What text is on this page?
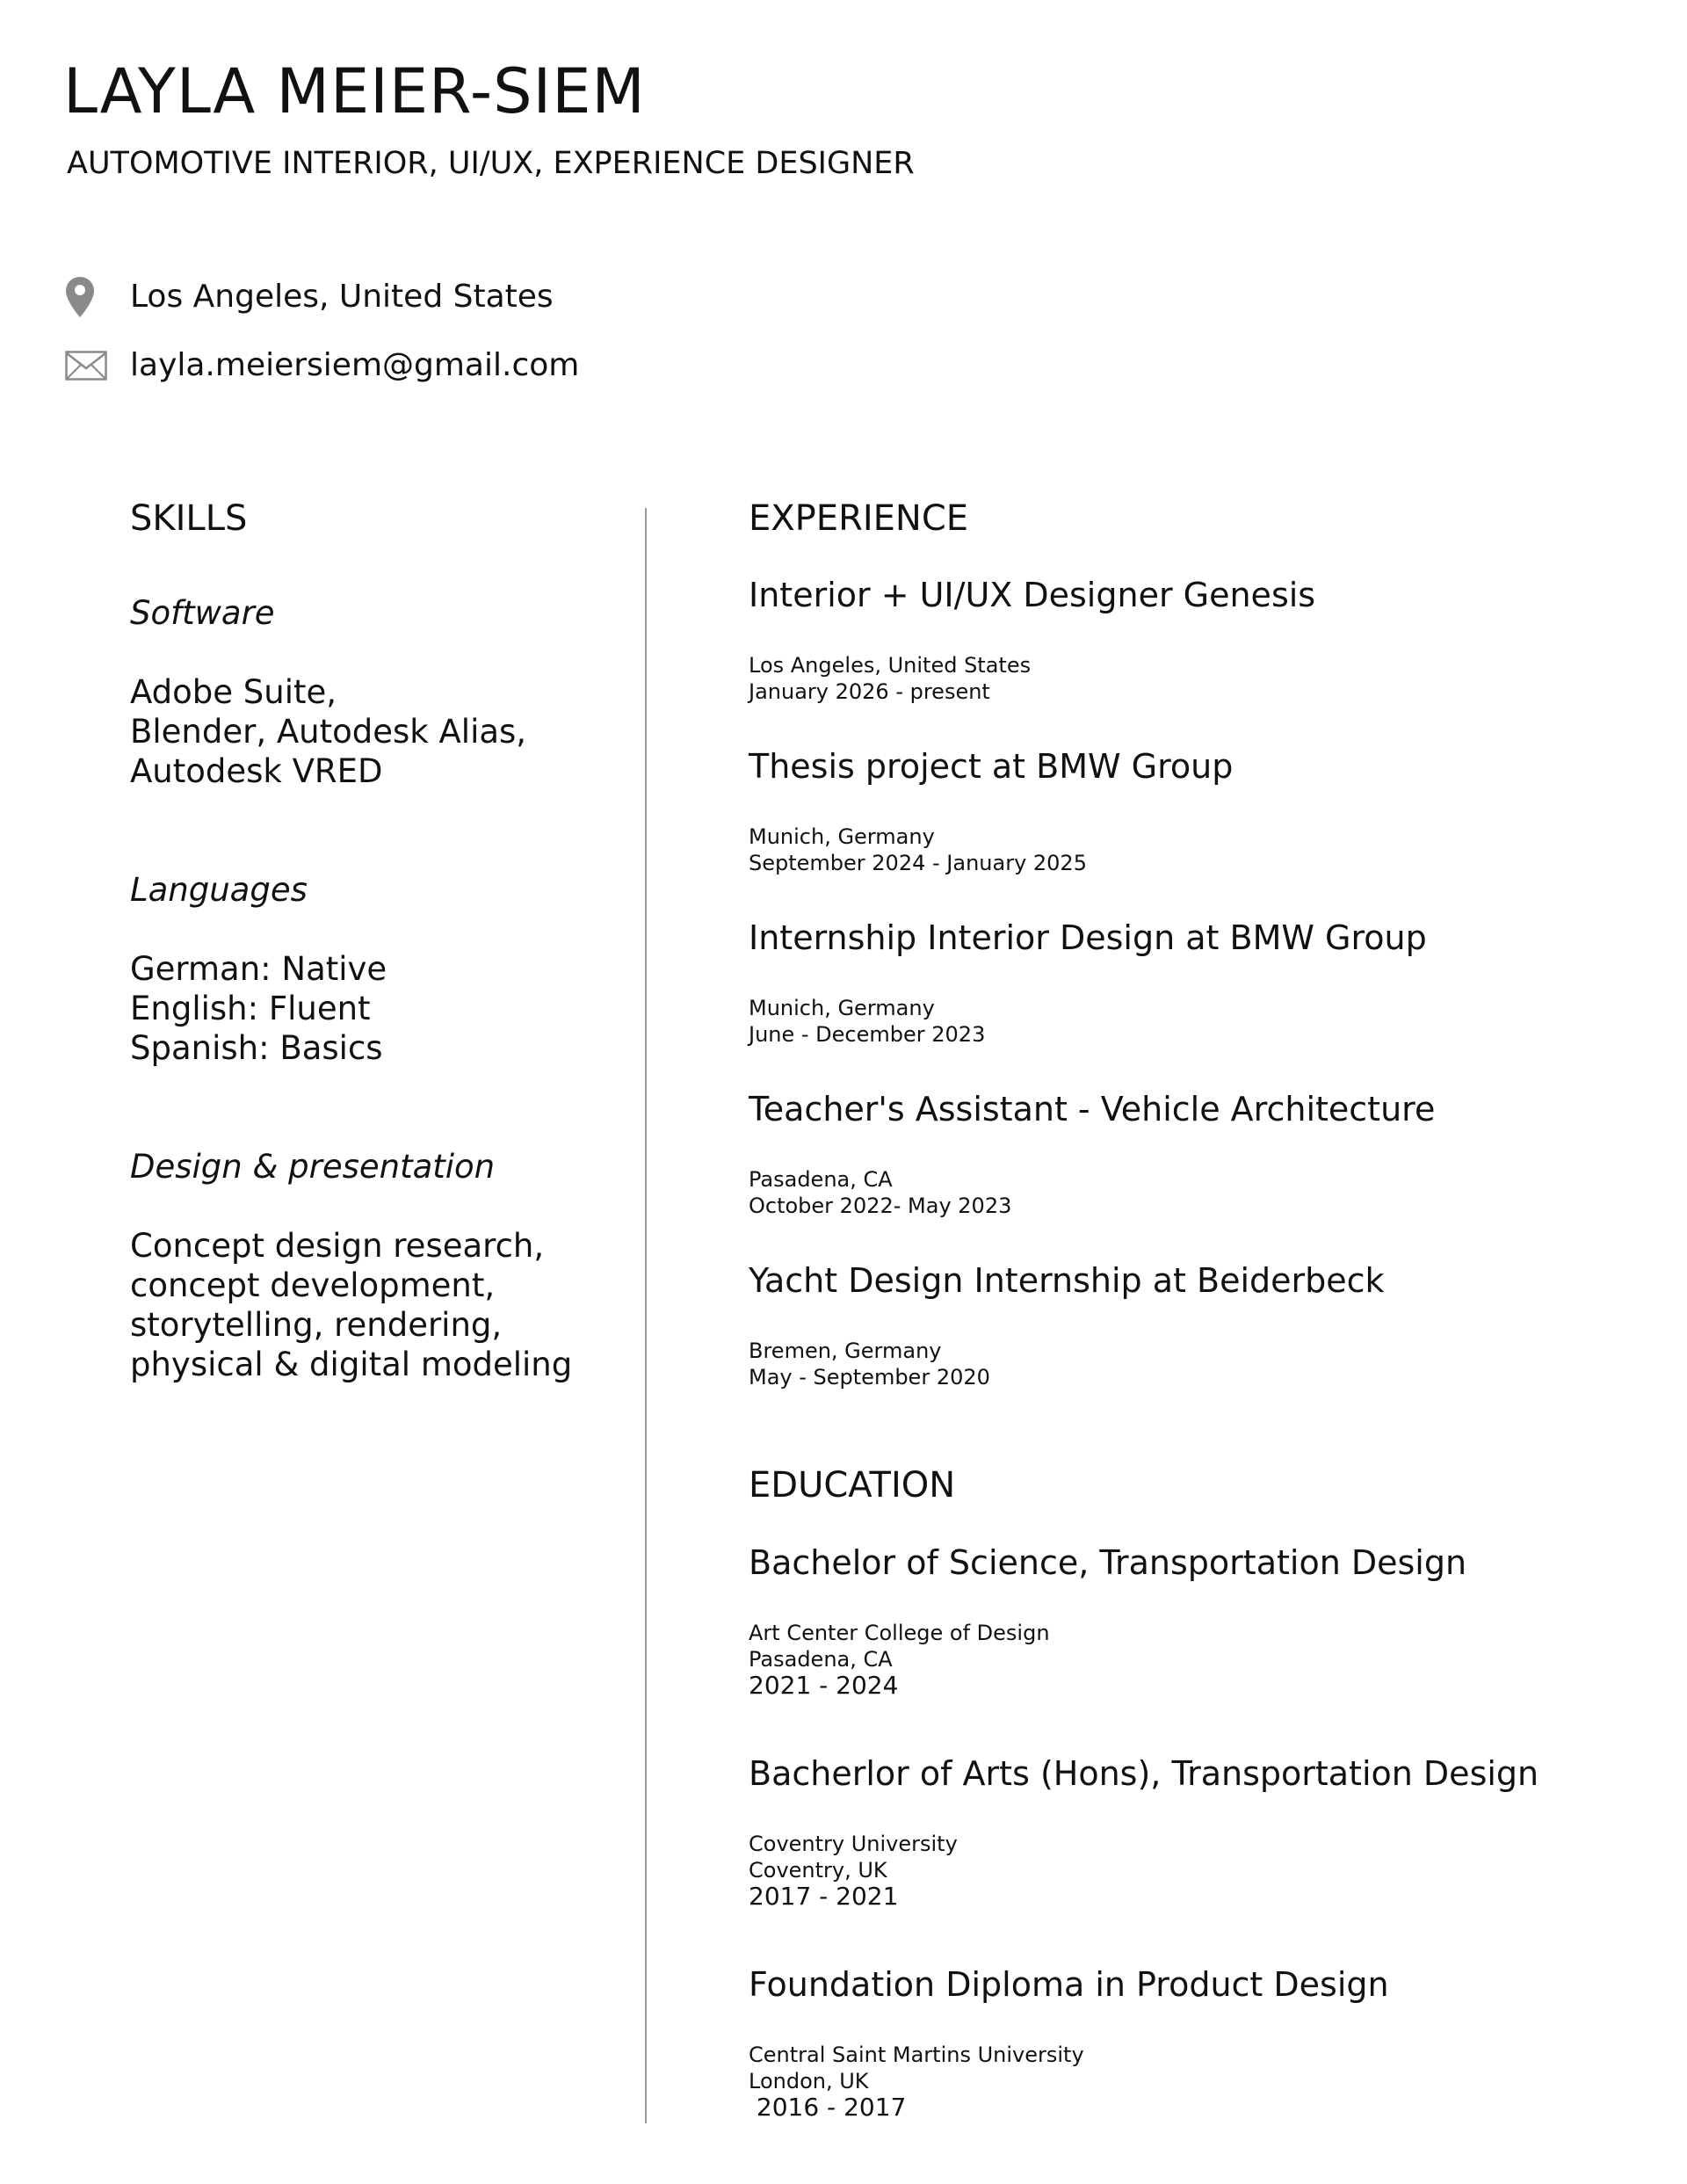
LAYLA MEIER-SIEM
AUTOMOTIVE INTERIOR, UI/UX, EXPERIENCE DESIGNER
Los Angeles, United States
layla.meiersiem@gmail.com
SKILLS
Software
Adobe Suite,
Blender, Autodesk Alias,
Autodesk VRED
Languages
German: Native
English: Fluent
Spanish: Basics
Design & presentation
Concept design research,
concept development,
storytelling, rendering,
physical & digital modeling
EXPERIENCE
Interior + UI/UX Designer Genesis
Los Angeles, United States
January 2026 - present
Thesis project at BMW Group
Munich, Germany
September 2024 - January 2025
Internship Interior Design at BMW Group
Munich, Germany
June - December 2023
Teacher's Assistant - Vehicle Architecture
Pasadena, CA
October 2022- May 2023
Yacht Design Internship at Beiderbeck
Bremen, Germany
May - September 2020
EDUCATION
Bachelor of Science, Transportation Design
Art Center College of Design
Pasadena, CA
2021 - 2024
Bacherlor of Arts (Hons), Transportation Design
Coventry University
Coventry, UK
2017 - 2021
Foundation Diploma in Product Design
Central Saint Martins University
London, UK
2016 - 2017
